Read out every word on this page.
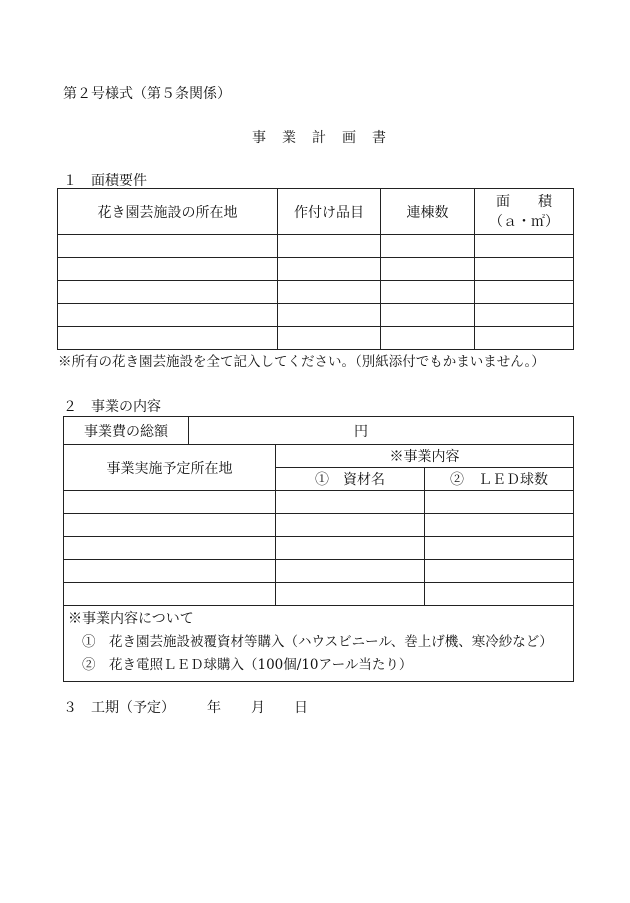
第２号様式（第５条関係）
事　業　計　画　書
１　面積要件
花き園芸施設の所在地	作付け品目	連棟数	面　　積
（ａ・㎡）

※所有の花き園芸施設を全て記入してください。（別紙添付でもかまいません。）
２　事業の内容
事業費の総額	円		
事業実施予定所在地		※事業内容	
		①　資材名	②　ＬＥＤ球数

※事業内容について
①　花き園芸施設被覆資材等購入（ハウスビニール、巻上げ機、寒冷紗など）
②　花き電照ＬＥＤ球購入（100個/10アール当たり）			
３　工期（予定） 年 月 日
